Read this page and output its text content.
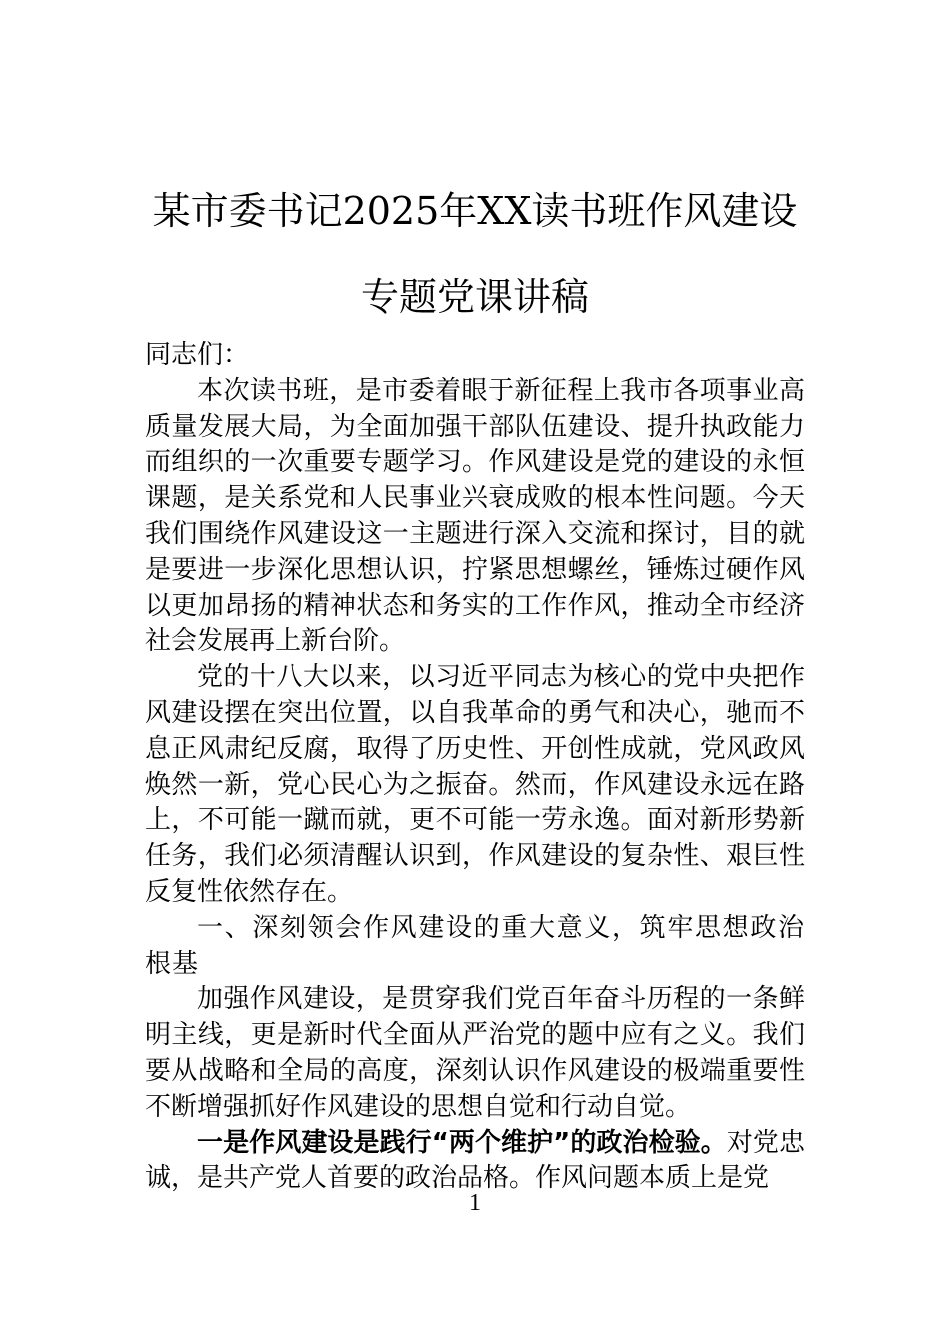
某市委书记2025年XX读书班作风建设专题党课讲稿

同志们：

本次读书班，是市委着眼于新征程上我市各项事业高质量发展大局，为全面加强干部队伍建设、提升执政能力而组织的一次重要专题学习。作风建设是党的建设的永恒课题，是关系党和人民事业兴衰成败的根本性问题。今天我们围绕作风建设这一主题进行深入交流和探讨，目的就是要进一步深化思想认识，拧紧思想螺丝，锤炼过硬作风以更加昂扬的精神状态和务实的工作作风，推动全市经济社会发展再上新台阶。

党的十八大以来，以习近平同志为核心的党中央把作风建设摆在突出位置，以自我革命的勇气和决心，驰而不息正风肃纪反腐，取得了历史性、开创性成就，党风政风焕然一新，党心民心为之振奋。然而，作风建设永远在路上，不可能一蹴而就，更不可能一劳永逸。面对新形势新任务，我们必须清醒认识到，作风建设的复杂性、艰巨性反复性依然存在。

一、深刻领会作风建设的重大意义，筑牢思想政治根基

加强作风建设，是贯穿我们党百年奋斗历程的一条鲜明主线，更是新时代全面从严治党的题中应有之义。我们要从战略和全局的高度，深刻认识作风建设的极端重要性不断增强抓好作风建设的思想自觉和行动自觉。

一是作风建设是践行“两个维护”的政治检验。对党忠诚，是共产党人首要的政治品格。作风问题本质上是党

1
